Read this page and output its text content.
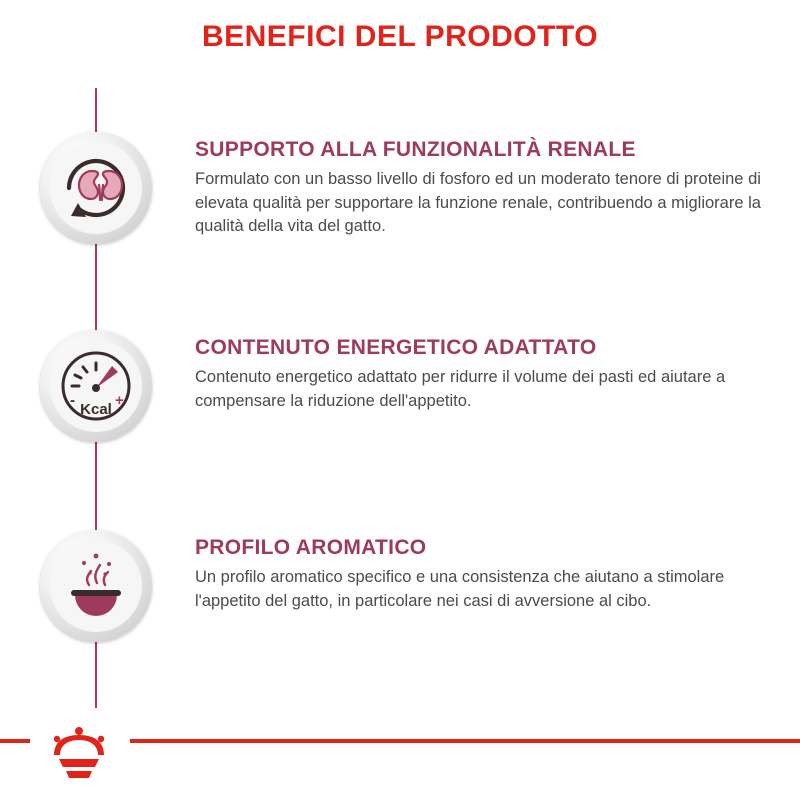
BENEFICI DEL PRODOTTO
SUPPORTO ALLA FUNZIONALITÀ RENALE
Formulato con un basso livello di fosforo ed un moderato tenore di proteine di elevata qualità per supportare la funzione renale, contribuendo a migliorare la qualità della vita del gatto.
-	+
Kcal
CONTENUTO ENERGETICO ADATTATO
Contenuto energetico adattato per ridurre il volume dei pasti ed aiutare a compensare la riduzione dell'appetito.
PROFILO AROMATICO
Un profilo aromatico specifico e una consistenza che aiutano a stimolare l'appetito del gatto, in particolare nei casi di avversione al cibo.
